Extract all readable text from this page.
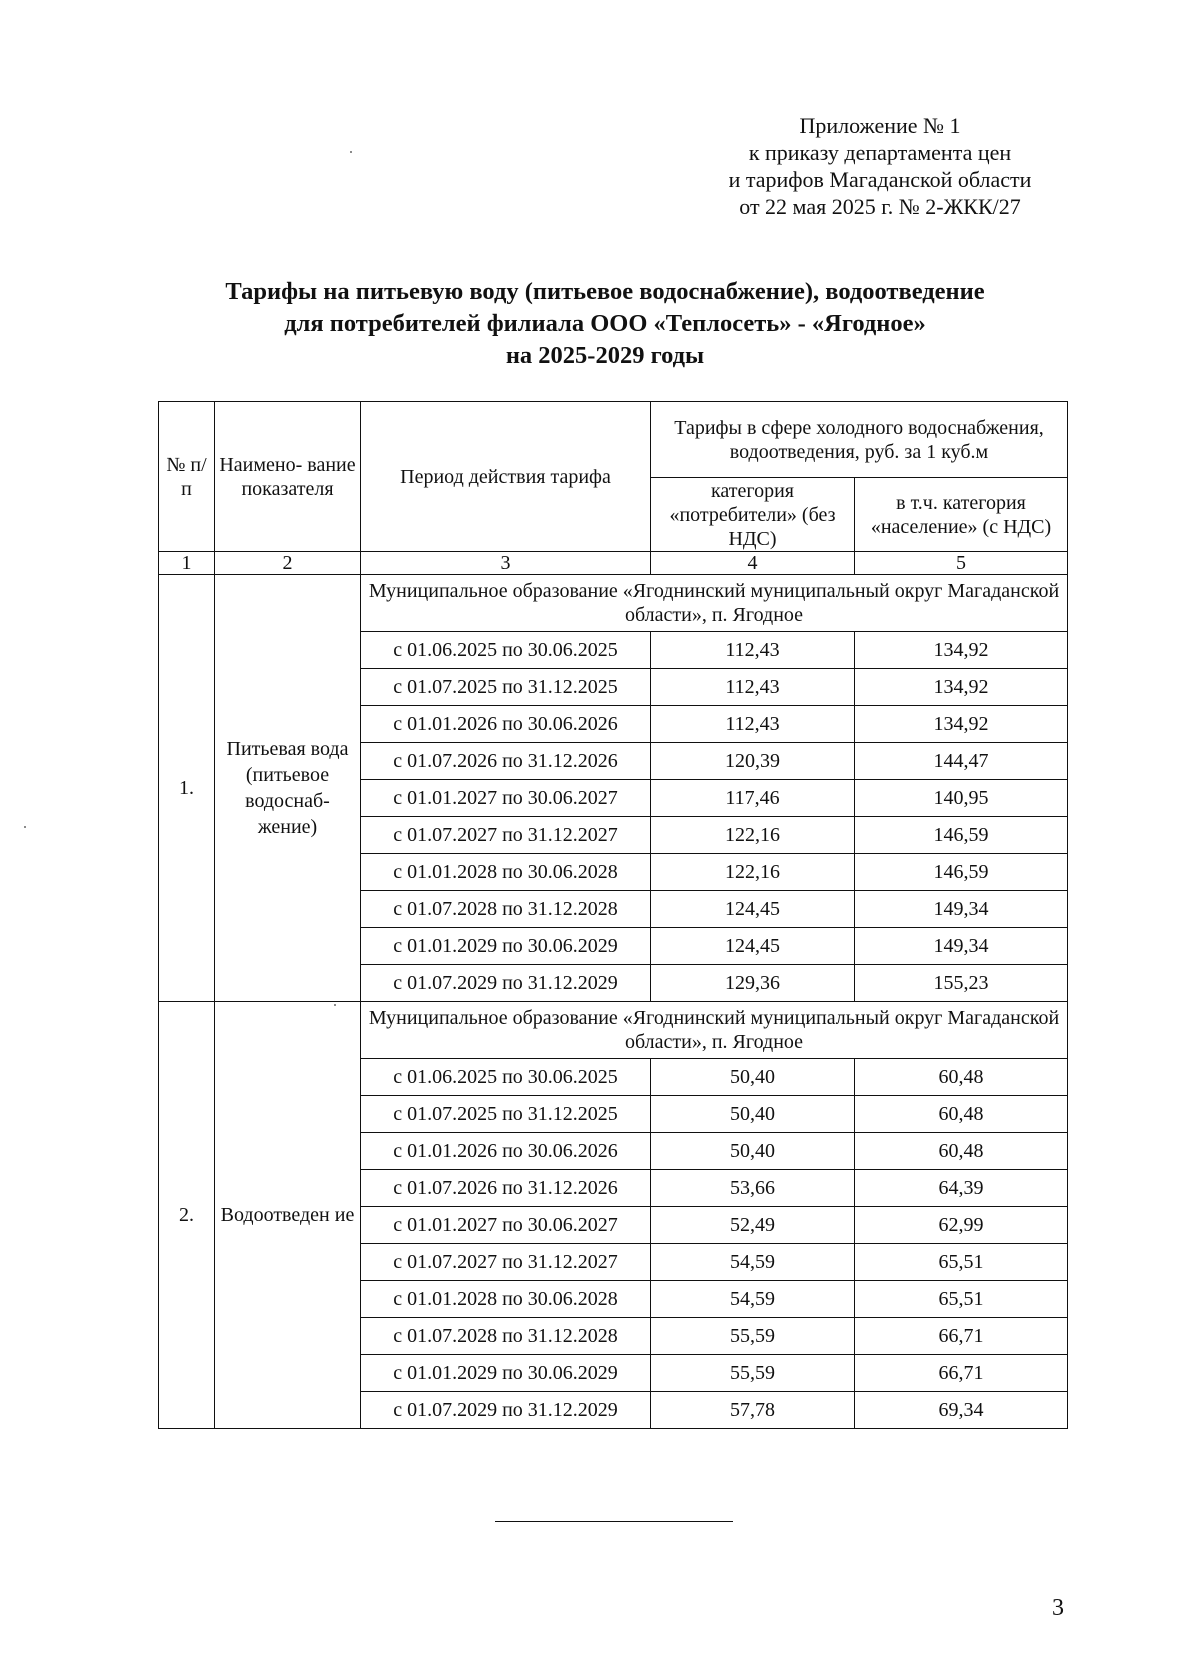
Приложение № 1
к приказу департамента цен
и тарифов Магаданской области
от 22 мая 2025 г. № 2-ЖКК/27
Тарифы на питьевую воду (питьевое водоснабжение), водоотведение
для потребителей филиала ООО «Теплосеть» - «Ягодное»
на 2025-2029 годы
№ п/п	Наимено- вание показателя	Период действия тарифа	Тарифы в сфере холодного водоснабжения, водоотведения, руб. за 1 куб.м	
			категория «потребители» (без НДС)	в т.ч. категория «население» (с НДС)
1	2	3	4	5
1.	Питьевая вода (питьевое водоснаб- жение)	Муниципальное образование «Ягоднинский муниципальный округ Магаданской области», п. Ягодное		
		с 01.06.2025 по 30.06.2025	112,43	134,92
		с 01.07.2025 по 31.12.2025	112,43	134,92
		с 01.01.2026 по 30.06.2026	112,43	134,92
		с 01.07.2026 по 31.12.2026	120,39	144,47
		с 01.01.2027 по 30.06.2027	117,46	140,95
		с 01.07.2027 по 31.12.2027	122,16	146,59
		с 01.01.2028 по 30.06.2028	122,16	146,59
		с 01.07.2028 по 31.12.2028	124,45	149,34
		с 01.01.2029 по 30.06.2029	124,45	149,34
		с 01.07.2029 по 31.12.2029	129,36	155,23
2.	Водоотведен ие	Муниципальное образование «Ягоднинский муниципальный округ Магаданской области», п. Ягодное		
		с 01.06.2025 по 30.06.2025	50,40	60,48
		с 01.07.2025 по 31.12.2025	50,40	60,48
		с 01.01.2026 по 30.06.2026	50,40	60,48
		с 01.07.2026 по 31.12.2026	53,66	64,39
		с 01.01.2027 по 30.06.2027	52,49	62,99
		с 01.07.2027 по 31.12.2027	54,59	65,51
		с 01.01.2028 по 30.06.2028	54,59	65,51
		с 01.07.2028 по 31.12.2028	55,59	66,71
		с 01.01.2029 по 30.06.2029	55,59	66,71
		с 01.07.2029 по 31.12.2029	57,78	69,34
3
